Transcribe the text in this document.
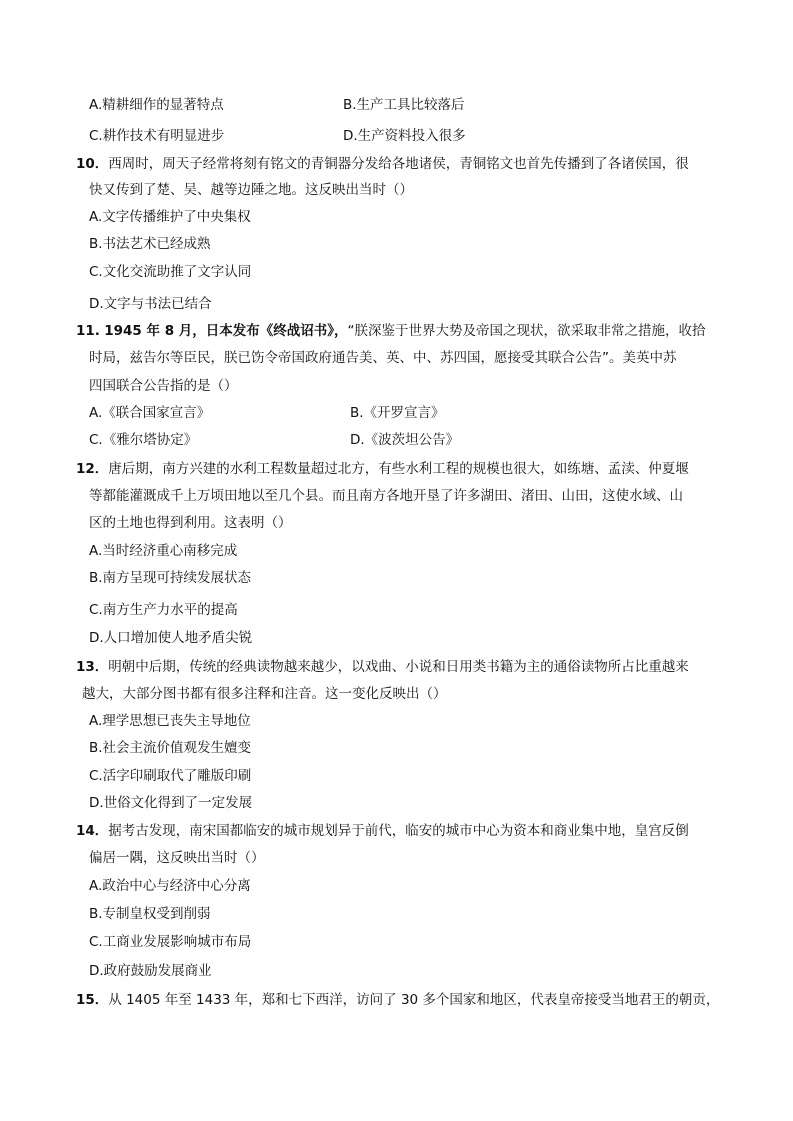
A.精耕细作的显著特点	B.生产工具比较落后
C.耕作技术有明显进步	D.生产资料投入很多
10．西周时，周天子经常将刻有铭文的青铜器分发给各地诸侯，青铜铭文也首先传播到了各诸侯国，很
快又传到了楚、吴、越等边陲之地。这反映出当时（）
A.文字传播维护了中央集权
B.书法艺术已经成熟
C.文化交流助推了文字认同
D.文字与书法已结合
11. 1945 年 8 月，日本发布《终战诏书》，“朕深鉴于世界大势及帝国之现状，欲采取非常之措施，收拾
时局，兹告尔等臣民，朕已饬令帝国政府通告美、英、中、苏四国，愿接受其联合公告”。美英中苏
四国联合公告指的是（）
A.《联合国家宣言》	B.《开罗宣言》
C.《雅尔塔协定》	D.《波茨坦公告》
12．唐后期，南方兴建的水利工程数量超过北方，有些水利工程的规模也很大，如练塘、孟渎、仲夏堰
等都能灌溉成千上万顷田地以至几个县。而且南方各地开垦了许多湖田、渚田、山田，这使水域、山
区的土地也得到利用。这表明（）
A.当时经济重心南移完成
B.南方呈现可持续发展状态
C.南方生产力水平的提高
D.人口增加使人地矛盾尖锐
13．明朝中后期，传统的经典读物越来越少，以戏曲、小说和日用类书籍为主的通俗读物所占比重越来
越大，大部分图书都有很多注释和注音。这一变化反映出（）
A.理学思想已丧失主导地位
B.社会主流价值观发生嬗变
C.活字印刷取代了雕版印刷
D.世俗文化得到了一定发展
14．据考古发现，南宋国都临安的城市规划异于前代，临安的城市中心为资本和商业集中地，皇宫反倒
偏居一隅，这反映出当时（）
A.政治中心与经济中心分离
B.专制皇权受到削弱
C.工商业发展影响城市布局
D.政府鼓励发展商业
15．从 1405 年至 1433 年，郑和七下西洋，访问了 30 多个国家和地区，代表皇帝接受当地君王的朝贡，
